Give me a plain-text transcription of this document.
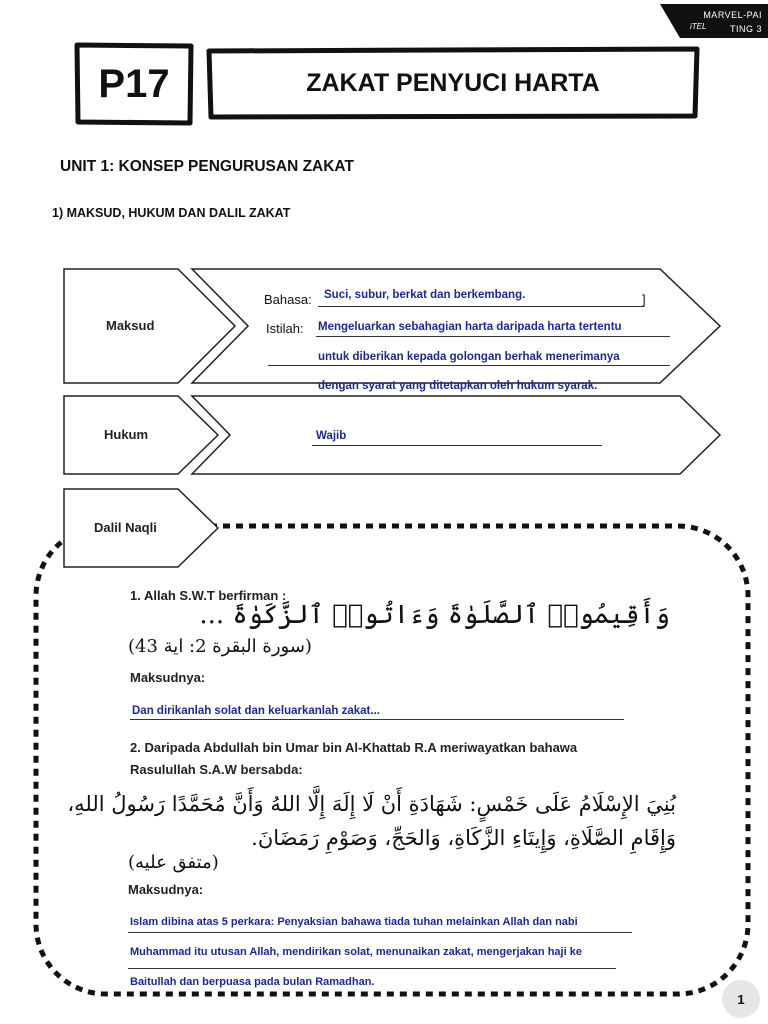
MARVEL-PAI
iTEL	TING 3
P17	ZAKAT PENYUCI HARTA
UNIT 1: KONSEP PENGURUSAN ZAKAT
1) MAKSUD, HUKUM DAN DALIL ZAKAT
Maksud
Bahasa: Suci, subur, berkat dan berkembang.	]
Istilah: Mengeluarkan sebahagian harta daripada harta tertentu
untuk diberikan kepada golongan berhak menerimanya
dengan syarat yang ditetapkan oleh hukum syarak.
Hukum	Wajib
Dalil Naqli
1. Allah S.W.T berfirman :
وَأَقِيمُوا۟ ٱلصَّلَوٰةَ وَءَاتُوا۟ ٱلزَّكَوٰةَ ...
(سورة البقرة 2: اية 43)
Maksudnya:
Dan dirikanlah solat dan keluarkanlah zakat...
2. Daripada Abdullah bin Umar bin Al-Khattab R.A meriwayatkan bahawa
Rasulullah S.A.W bersabda:
بُنِيَ الإِسْلَامُ عَلَى خَمْسٍ: شَهَادَةِ أَنْ لَا إِلَهَ إِلَّا اللهُ وَأَنَّ مُحَمَّدًا رَسُولُ اللهِ،
وَإِقَامِ الصَّلَاةِ، وَإِيتَاءِ الزَّكَاةِ، وَالحَجِّ، وَصَوْمِ رَمَضَانَ.
(متفق عليه)
Maksudnya:
Islam dibina atas 5 perkara: Penyaksian bahawa tiada tuhan melainkan Allah dan nabi
Muhammad itu utusan Allah, mendirikan solat, menunaikan zakat, mengerjakan haji ke
Baitullah dan berpuasa pada bulan Ramadhan.
1
